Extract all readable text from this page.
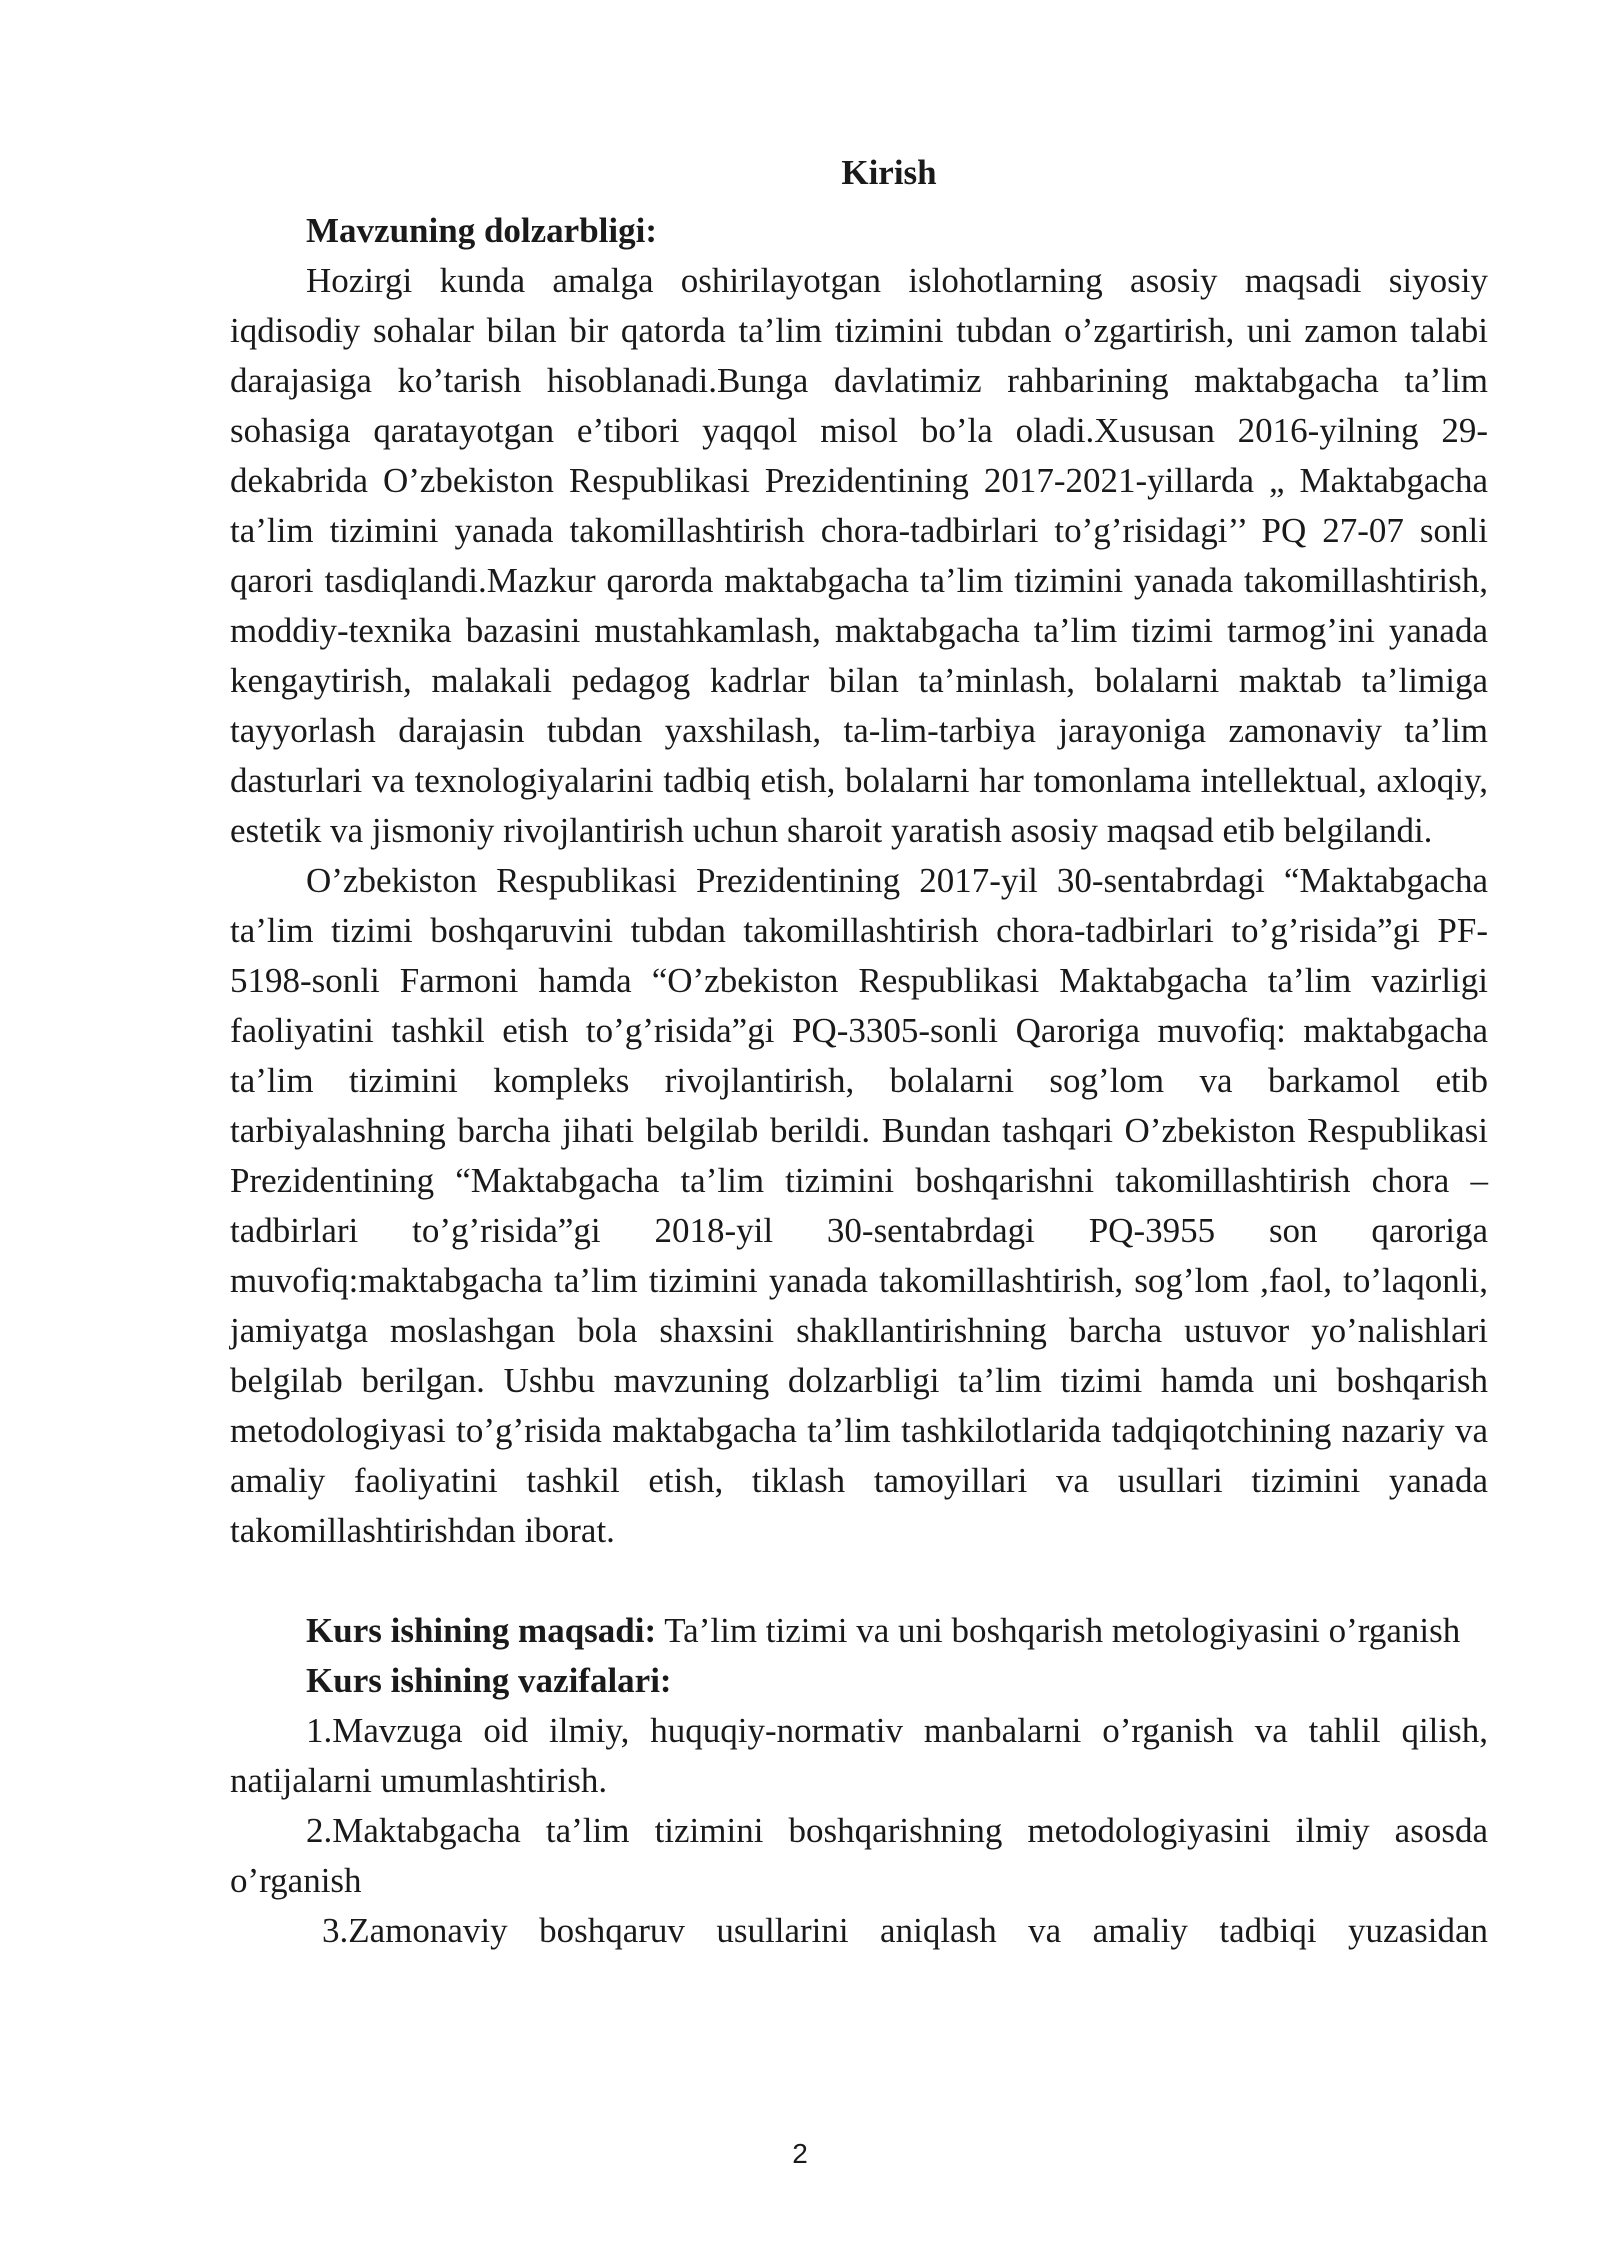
Kirish

Mavzuning dolzarbligi:

Hozirgi kunda amalga oshirilayotgan islohotlarning asosiy maqsadi siyosiy iqdisodiy sohalar bilan bir qatorda ta’lim tizimini tubdan o’zgartirish, uni zamon talabi darajasiga ko’tarish hisoblanadi.Bunga davlatimiz rahbarining maktabgacha ta’lim sohasiga qaratayotgan e’tibori yaqqol misol bo’la oladi.Xususan 2016-yilning 29-dekabrida O’zbekiston Respublikasi Prezidentining 2017-2021-yillarda „ Maktabgacha ta’lim tizimini yanada takomillashtirish chora-tadbirlari to’g’risidagi’’ PQ 27-07 sonli qarori tasdiqlandi.Mazkur qarorda maktabgacha ta’lim tizimini yanada takomillashtirish, moddiy-texnika bazasini mustahkamlash, maktabgacha ta’lim tizimi tarmog’ini yanada kengaytirish, malakali pedagog kadrlar bilan ta’minlash, bolalarni maktab ta’limiga tayyorlash darajasin tubdan yaxshilash, ta-lim-tarbiya jarayoniga zamonaviy ta’lim dasturlari va texnologiyalarini tadbiq etish, bolalarni har tomonlama intellektual, axloqiy, estetik va jismoniy rivojlantirish uchun sharoit yaratish asosiy maqsad etib belgilandi.

O’zbekiston Respublikasi Prezidentining 2017-yil 30-sentabrdagi “Maktabgacha ta’lim tizimi boshqaruvini tubdan takomillashtirish chora-tadbirlari to’g’risida”gi PF-5198-sonli Farmoni hamda “O’zbekiston Respublikasi Maktabgacha ta’lim vazirligi faoliyatini tashkil etish to’g’risida”gi PQ-3305-sonli Qaroriga muvofiq: maktabgacha ta’lim tizimini kompleks rivojlantirish, bolalarni sog’lom va barkamol etib tarbiyalashning barcha jihati belgilab berildi. Bundan tashqari O’zbekiston Respublikasi Prezidentining “Maktabgacha ta’lim tizimini boshqarishni takomillashtirish chora –tadbirlari to’g’risida”gi 2018-yil 30-sentabrdagi PQ-3955 son qaroriga muvofiq:maktabgacha ta’lim tizimini yanada takomillashtirish, sog’lom ,faol, to’laqonli, jamiyatga moslashgan bola shaxsini shakllantirishning barcha ustuvor yo’nalishlari belgilab berilgan. Ushbu mavzuning dolzarbligi ta’lim tizimi hamda uni boshqarish metodologiyasi to’g’risida maktabgacha ta’lim tashkilotlarida tadqiqotchining nazariy va amaliy faoliyatini tashkil etish, tiklash tamoyillari va usullari tizimini yanada takomillashtirishdan iborat.

Kurs ishining maqsadi: Ta’lim tizimi va uni boshqarish metologiyasini o’rganish

Kurs ishining vazifalari:

1.Mavzuga oid ilmiy, huquqiy-normativ manbalarni o’rganish va tahlil qilish, natijalarni umumlashtirish.

2.Maktabgacha ta’lim tizimini boshqarishning metodologiyasini ilmiy asosda o’rganish

3.Zamonaviy boshqaruv usullarini aniqlash va amaliy tadbiqi yuzasidan

2
